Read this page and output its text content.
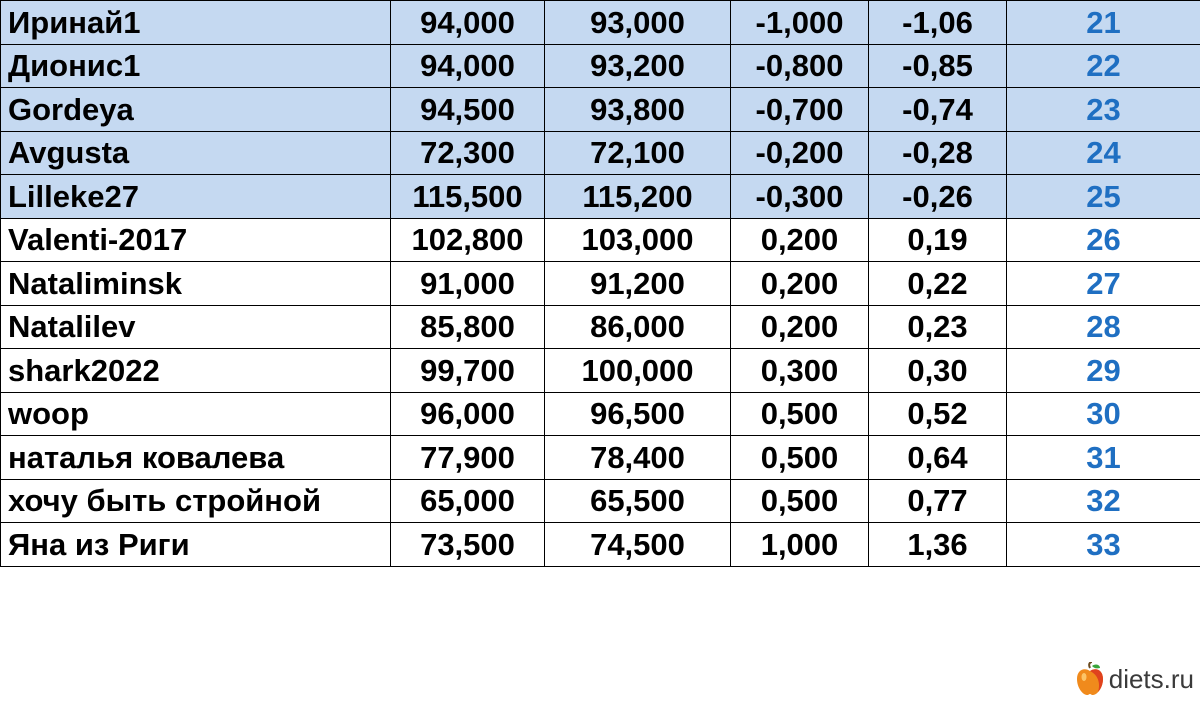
Иринай1	94,000	93,000	-1,000	-1,06	21
Дионис1	94,000	93,200	-0,800	-0,85	22
Gordeya	94,500	93,800	-0,700	-0,74	23
Avgusta	72,300	72,100	-0,200	-0,28	24
Lilleke27	115,500	115,200	-0,300	-0,26	25
Valenti-2017	102,800	103,000	0,200	0,19	26
Nataliminsk	91,000	91,200	0,200	0,22	27
Natalilev	85,800	86,000	0,200	0,23	28
shark2022	99,700	100,000	0,300	0,30	29
woop	96,000	96,500	0,500	0,52	30
наталья ковалева	77,900	78,400	0,500	0,64	31
хочу быть стройной	65,000	65,500	0,500	0,77	32
Яна из Риги	73,500	74,500	1,000	1,36	33
diets.ru
